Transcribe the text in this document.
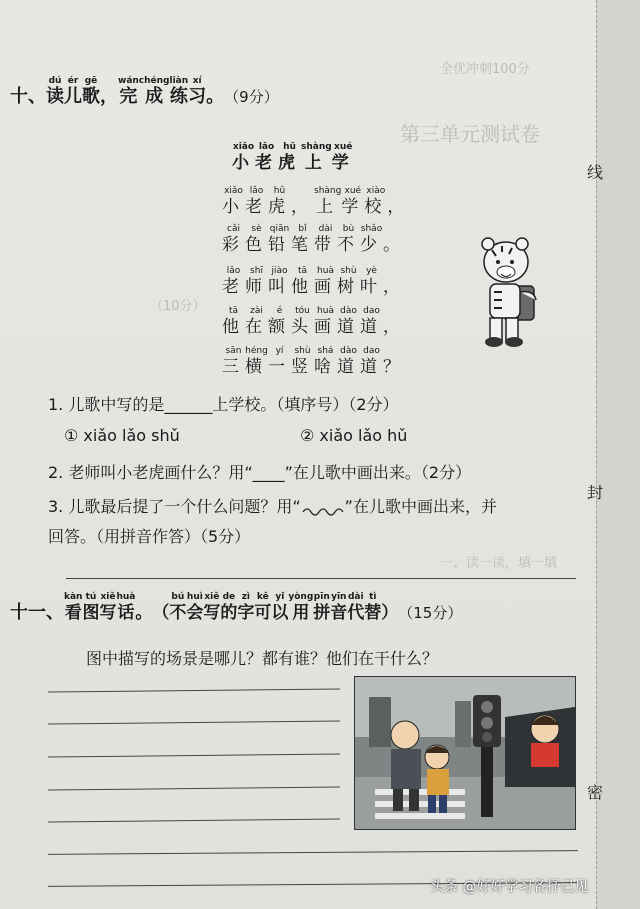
全优冲刺100分
第三单元测试卷
（10分）
一、读一读，填一填

十、
dú
读
ér
儿
gē
歌
，
wán
完
chéng
成
liàn
练
xí
习
。
（9分）
xiǎo
小
lǎo
老
hǔ
虎
shàng
上
xué
学
xiǎo
小
lǎo
老
hǔ
虎
，
shàng
上
xué
学
xiào
校
，
cǎi
彩
sè
色
qiān
铅
bǐ
笔
dài
带
bù
不
shǎo
少
。
lǎo
老
shī
师
jiào
叫
tā
他
huà
画
shù
树
yè
叶
，
tā
他
zài
在
é
额
tóu
头
huà
画
dào
道
dao
道
，
sān
三
héng
横
yí
一
shù
竖
shá
啥
dào
道
dao
道
？
1. 儿歌中写的是______上学校。（填序号）（2分）
① xiǎo lǎo shǔ	② xiǎo lǎo hǔ
2. 老师叫小老虎画什么？用“____”在儿歌中画出来。（2分）
3. 儿歌最后提了一个什么问题？用“	”在儿歌中画出来，并
回答。（用拼音作答）（5分）

十一、
kàn
看
tú
图
xiě
写
huà
话
。
（
bú
不
huì
会
xiě
写
de
的
zì
字
kě
可
yǐ
以
yòng
用
pīn
拼
yīn
音
dài
代
tì
替
）
（15分）
图中描写的场景是哪儿？都有谁？他们在干什么？
线
封
密
头条 @好好学习各抒己见
